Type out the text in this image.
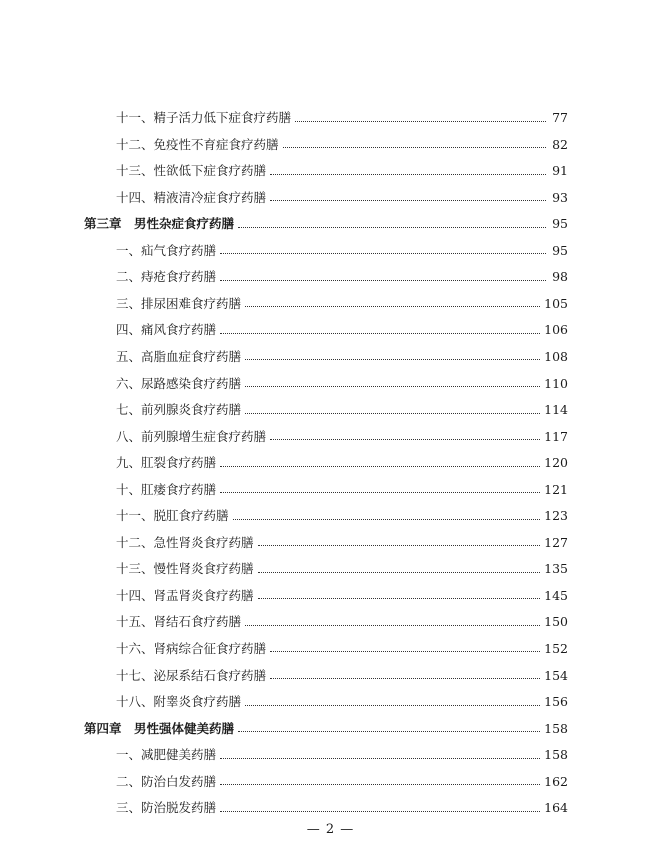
十一、精子活力低下症食疗药膳	77
十二、免疫性不育症食疗药膳	82
十三、性欲低下症食疗药膳	91
十四、精液清冷症食疗药膳	93
第三章　男性杂症食疗药膳	95
一、疝气食疗药膳	95
二、痔疮食疗药膳	98
三、排尿困难食疗药膳	105
四、痛风食疗药膳	106
五、高脂血症食疗药膳	108
六、尿路感染食疗药膳	110
七、前列腺炎食疗药膳	114
八、前列腺增生症食疗药膳	117
九、肛裂食疗药膳	120
十、肛瘘食疗药膳	121
十一、脱肛食疗药膳	123
十二、急性肾炎食疗药膳	127
十三、慢性肾炎食疗药膳	135
十四、肾盂肾炎食疗药膳	145
十五、肾结石食疗药膳	150
十六、肾病综合征食疗药膳	152
十七、泌尿系结石食疗药膳	154
十八、附睾炎食疗药膳	156
第四章　男性强体健美药膳	158
一、减肥健美药膳	158
二、防治白发药膳	162
三、防治脱发药膳	164
— 2 —
